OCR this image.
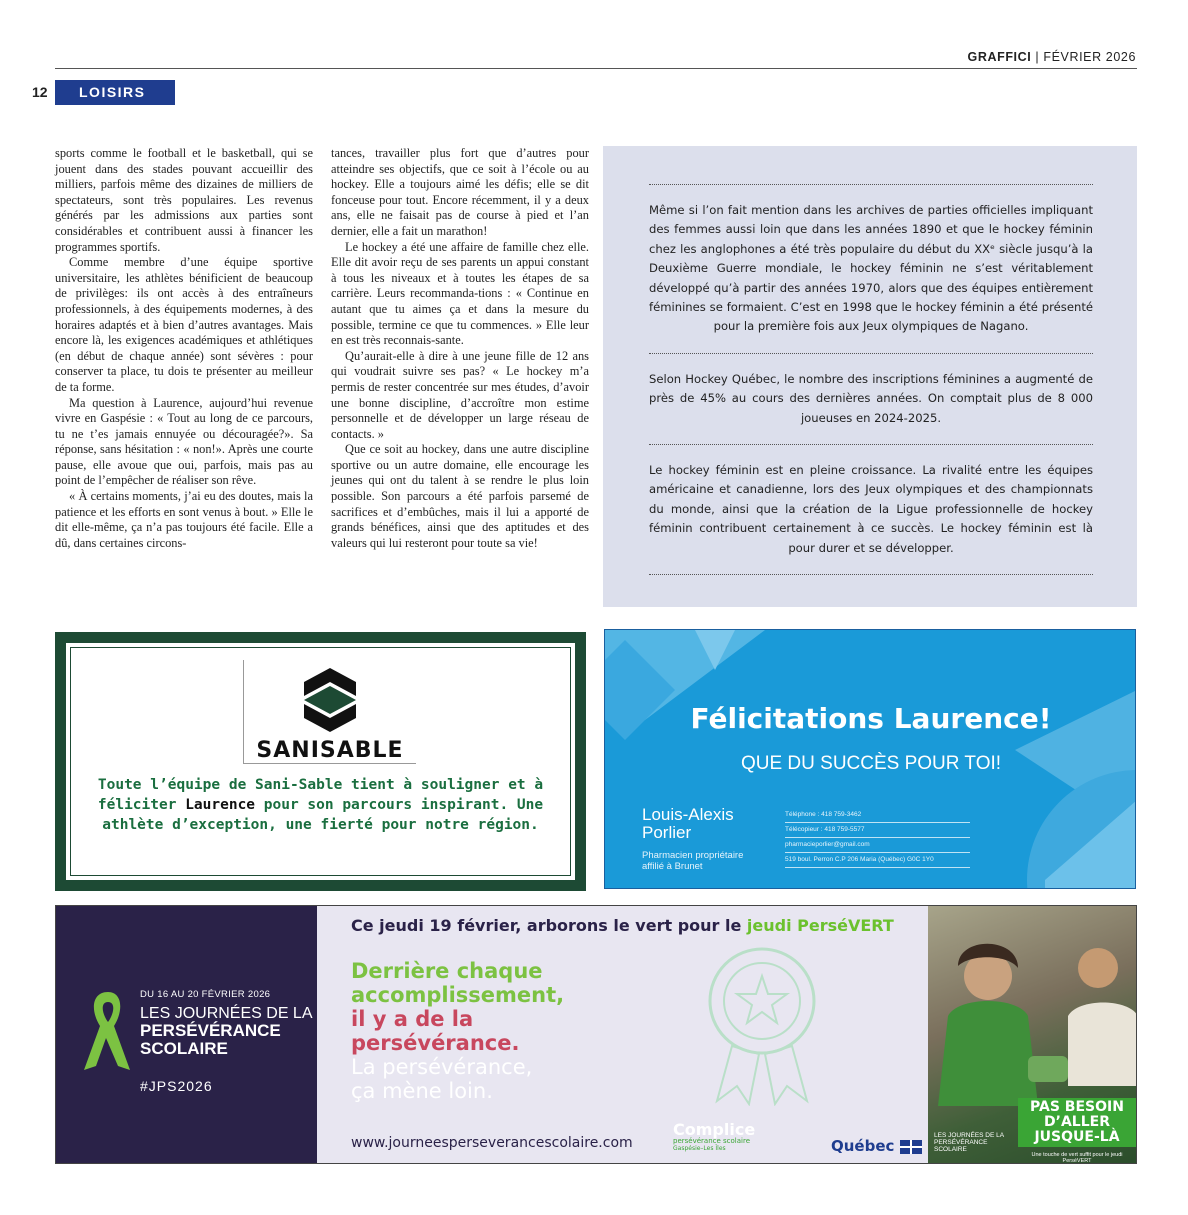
GRAFFICI | FÉVRIER 2026
12	LOISIRS

sports comme le football et le basketball, qui se jouent dans des stades pouvant accueillir des milliers, parfois même des dizaines de milliers de spectateurs, sont très populaires. Les revenus générés par les admissions aux parties sont considérables et contribuent aussi à financer les programmes sportifs.

Comme membre d’une équipe sportive universitaire, les athlètes bénificient de beaucoup de privilèges: ils ont accès à des entraîneurs professionnels, à des équipements modernes, à des horaires adaptés et à bien d’autres avantages. Mais encore là, les exigences académiques et athlétiques (en début de chaque année) sont sévères : pour conserver ta place, tu dois te présenter au meilleur de ta forme.

Ma question à Laurence, aujourd’hui revenue vivre en Gaspésie : « Tout au long de ce parcours, tu ne t’es jamais ennuyée ou découragée?». Sa réponse, sans hésitation : « non!». Après une courte pause, elle avoue que oui, parfois, mais pas au point de l’empêcher de réaliser son rêve.

« À certains moments, j’ai eu des doutes, mais la patience et les efforts en sont venus à bout. » Elle le dit elle-même, ça n’a pas toujours été facile. Elle a dû, dans certaines circons-

tances, travailler plus fort que d’autres pour atteindre ses objectifs, que ce soit à l’école ou au hockey. Elle a toujours aimé les défis; elle se dit fonceuse pour tout. Encore récemment, il y a deux ans, elle ne faisait pas de course à pied et l’an dernier, elle a fait un marathon!

Le hockey a été une affaire de famille chez elle. Elle dit avoir reçu de ses parents un appui constant à tous les niveaux et à toutes les étapes de sa carrière. Leurs recommanda-tions : « Continue en autant que tu aimes ça et dans la mesure du possible, termine ce que tu commences. » Elle leur en est très reconnais-sante.

Qu’aurait-elle à dire à une jeune fille de 12 ans qui voudrait suivre ses pas? « Le hockey m’a permis de rester concentrée sur mes études, d’avoir une bonne discipline, d’accroître mon estime personnelle et de développer un large réseau de contacts. »

Que ce soit au hockey, dans une autre discipline sportive ou un autre domaine, elle encourage les jeunes qui ont du talent à se rendre le plus loin possible. Son parcours a été parfois parsemé de sacrifices et d’embûches, mais il lui a apporté de grands bénéfices, ainsi que des aptitudes et des valeurs qui lui resteront pour toute sa vie!

Même si l’on fait mention dans les archives de parties officielles impliquant des femmes aussi loin que dans les années 1890 et que le hockey féminin chez les anglophones a été très populaire du début du XXᵉ siècle jusqu’à la Deuxième Guerre mondiale, le hockey féminin ne s’est véritablement développé qu’à partir des années 1970, alors que des équipes entièrement féminines se formaient. C’est en 1998 que le hockey féminin a été présenté pour la première fois aux Jeux olympiques de Nagano.
Selon Hockey Québec, le nombre des inscriptions féminines a augmenté de près de 45% au cours des dernières années. On comptait plus de 8 000 joueuses en 2024-2025.
Le hockey féminin est en pleine croissance. La rivalité entre les équipes américaine et canadienne, lors des Jeux olympiques et des championnats du monde, ainsi que la création de la Ligue professionnelle de hockey féminin contribuent certainement à ce succès. Le hockey féminin est là pour durer et se développer.
SANISABLE
Toute l’équipe de Sani-Sable tient à souligner et à féliciter Laurence pour son parcours inspirant. Une athlète d’exception, une fierté pour notre région.
Félicitations Laurence!
QUE DU SUCCÈS POUR TOI!
Louis-Alexis
Porlier
Pharmacien propriétaire
affilié à Brunet
Téléphone : 418 759-3462
Télécopieur : 418 759-5577
pharmacieporlier@gmail.com
519 boul. Perron C.P 206 Maria (Québec) G0C 1Y0
DU 16 AU 20 FÉVRIER 2026
LES JOURNÉES DE LA
PERSÉVÉRANCE
SCOLAIRE
#JPS2026
Ce jeudi 19 février, arborons le vert pour le jeudi PerséVERT
Derrière chaque
accomplissement,
il y a de la
persévérance.
La persévérance,
ça mène loin.
www.journeesperseverancescolaire.com
Complice
persévérance scolaire
Gaspésie–Les Îles	Québec
PAS BESOIN D’ALLER JUSQUE-LÀ
Une touche de vert suffit pour le jeudi PerséVERT
LES JOURNÉES DE LA PERSÉVÉRANCE SCOLAIRE
